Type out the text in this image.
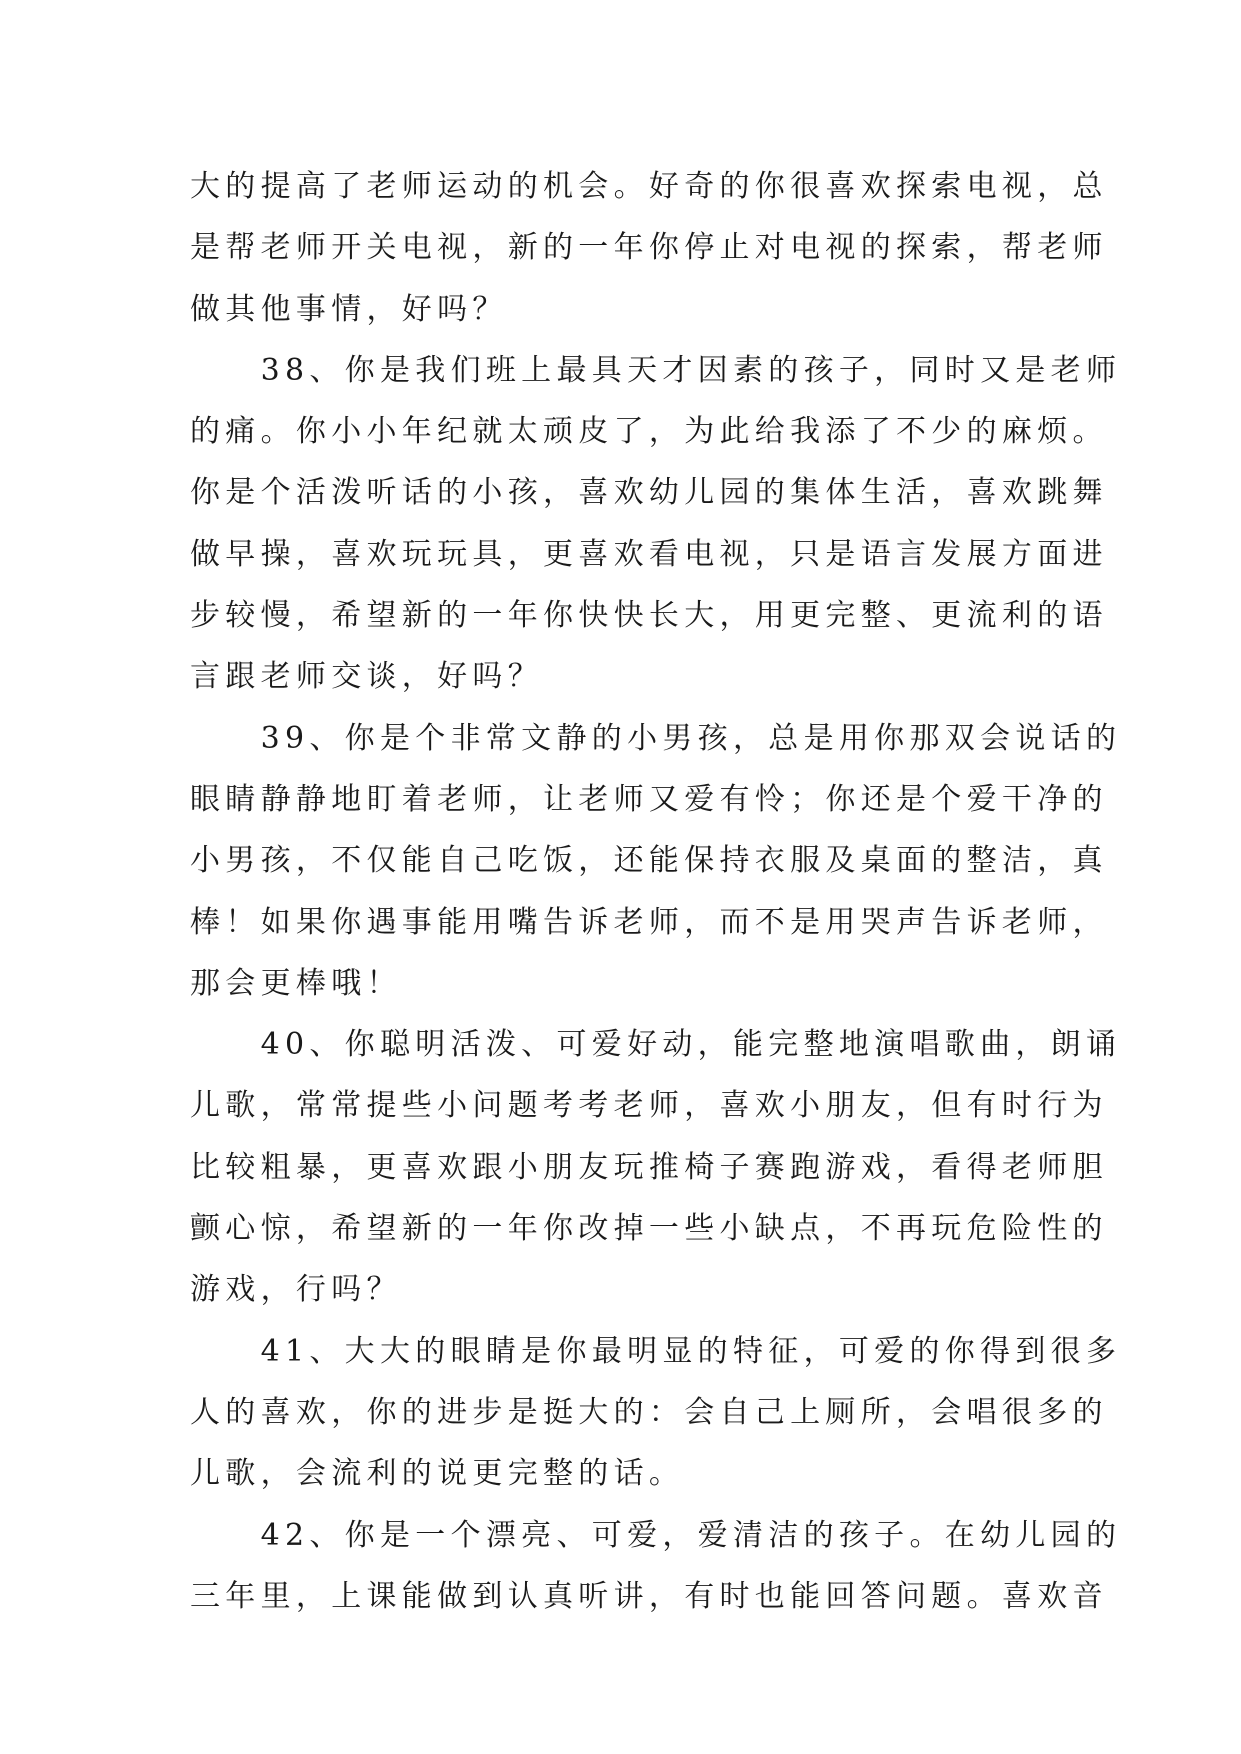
大的提高了老师运动的机会。好奇的你很喜欢探索电视，总
是帮老师开关电视，新的一年你停止对电视的探索，帮老师
做其他事情，好吗？
　　38、你是我们班上最具天才因素的孩子，同时又是老师
的痛。你小小年纪就太顽皮了，为此给我添了不少的麻烦。
你是个活泼听话的小孩，喜欢幼儿园的集体生活，喜欢跳舞
做早操，喜欢玩玩具，更喜欢看电视，只是语言发展方面进
步较慢，希望新的一年你快快长大，用更完整、更流利的语
言跟老师交谈，好吗？
　　39、你是个非常文静的小男孩，总是用你那双会说话的
眼睛静静地盯着老师，让老师又爱有怜；你还是个爱干净的
小男孩，不仅能自己吃饭，还能保持衣服及桌面的整洁，真
棒！如果你遇事能用嘴告诉老师，而不是用哭声告诉老师，
那会更棒哦！
　　40、你聪明活泼、可爱好动，能完整地演唱歌曲，朗诵
儿歌，常常提些小问题考考老师，喜欢小朋友，但有时行为
比较粗暴，更喜欢跟小朋友玩推椅子赛跑游戏，看得老师胆
颤心惊，希望新的一年你改掉一些小缺点，不再玩危险性的
游戏，行吗？
　　41、大大的眼睛是你最明显的特征，可爱的你得到很多
人的喜欢，你的进步是挺大的：会自己上厕所，会唱很多的
儿歌，会流利的说更完整的话。
　　42、你是一个漂亮、可爱，爱清洁的孩子。在幼儿园的
三年里，上课能做到认真听讲，有时也能回答问题。喜欢音
